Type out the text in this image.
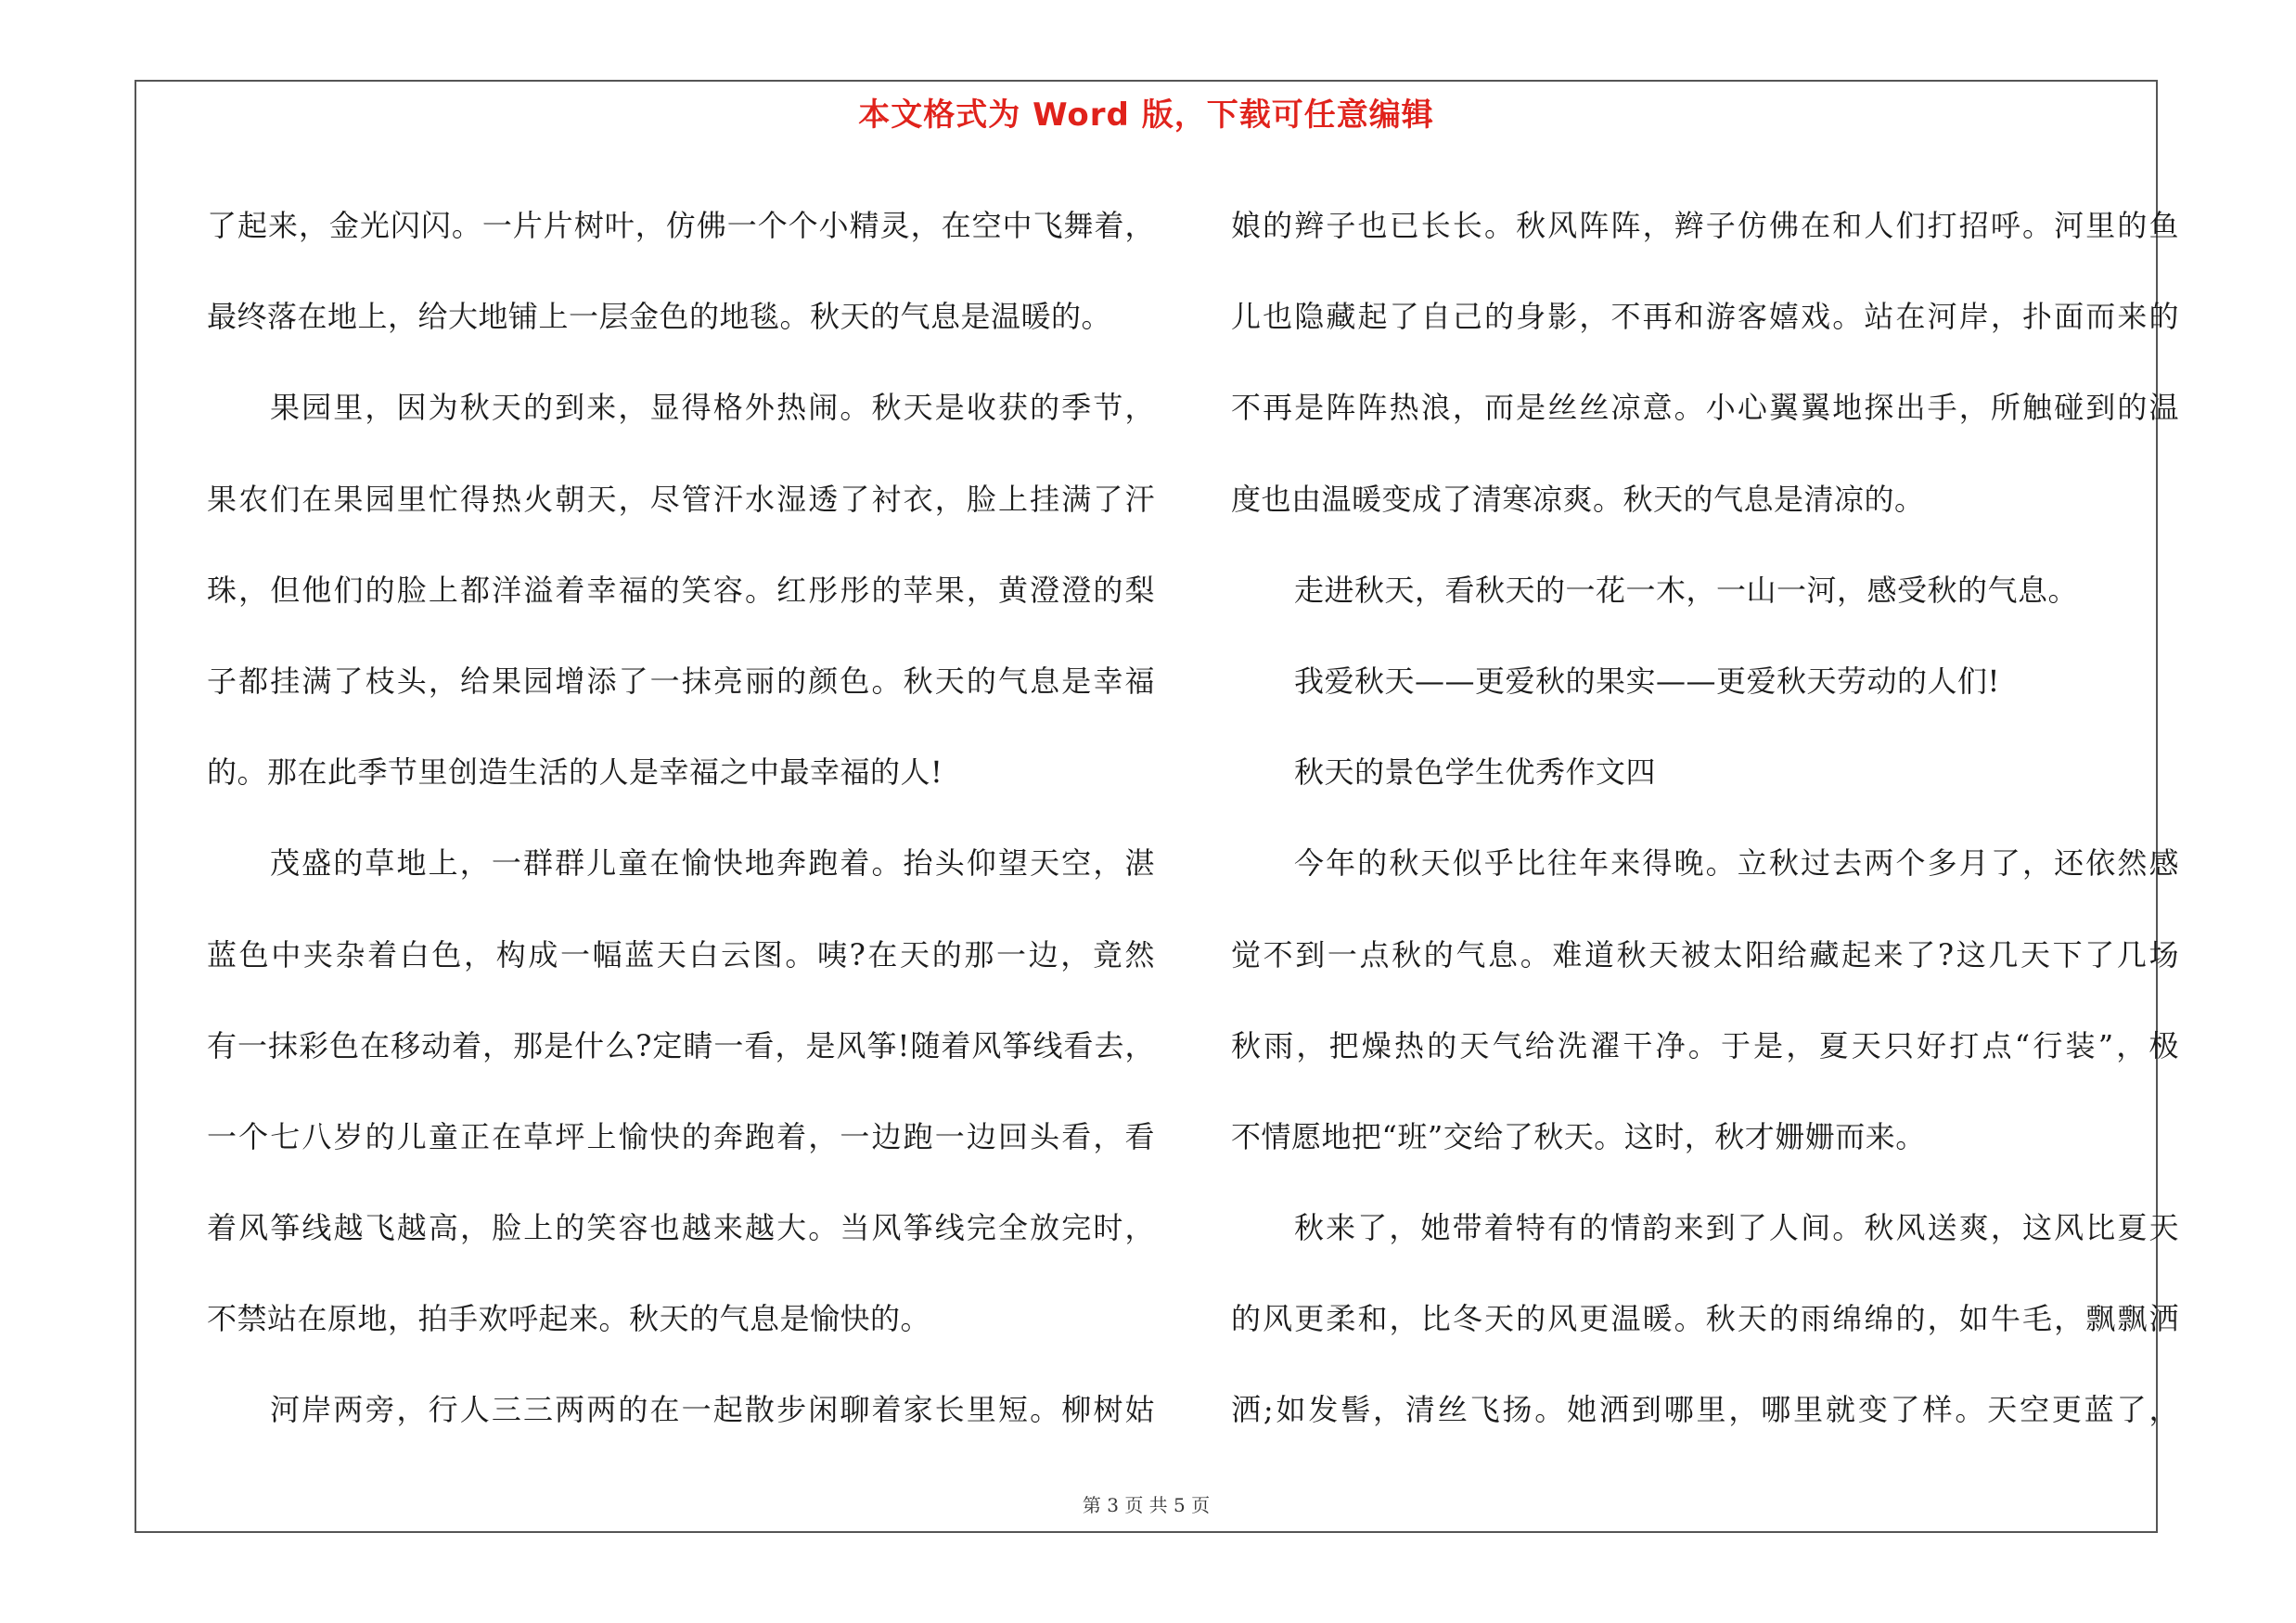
本文格式为 Word 版，下载可任意编辑
了起来，金光闪闪。一片片树叶，仿佛一个个小精灵，在空中飞舞着，
最终落在地上，给大地铺上一层金色的地毯。秋天的气息是温暖的。
果园里，因为秋天的到来，显得格外热闹。秋天是收获的季节，
果农们在果园里忙得热火朝天，尽管汗水湿透了衬衣，脸上挂满了汗
珠，但他们的脸上都洋溢着幸福的笑容。红彤彤的苹果，黄澄澄的梨
子都挂满了枝头，给果园增添了一抹亮丽的颜色。秋天的气息是幸福
的。那在此季节里创造生活的人是幸福之中最幸福的人!
茂盛的草地上，一群群儿童在愉快地奔跑着。抬头仰望天空，湛
蓝色中夹杂着白色，构成一幅蓝天白云图。咦?在天的那一边，竟然
有一抹彩色在移动着，那是什么?定睛一看，是风筝!随着风筝线看去，
一个七八岁的儿童正在草坪上愉快的奔跑着，一边跑一边回头看，看
着风筝线越飞越高，脸上的笑容也越来越大。当风筝线完全放完时，
不禁站在原地，拍手欢呼起来。秋天的气息是愉快的。
河岸两旁，行人三三两两的在一起散步闲聊着家长里短。柳树姑
娘的辫子也已长长。秋风阵阵，辫子仿佛在和人们打招呼。河里的鱼
儿也隐藏起了自己的身影，不再和游客嬉戏。站在河岸，扑面而来的
不再是阵阵热浪，而是丝丝凉意。小心翼翼地探出手，所触碰到的温
度也由温暖变成了清寒凉爽。秋天的气息是清凉的。
走进秋天，看秋天的一花一木，一山一河，感受秋的气息。
我爱秋天——更爱秋的果实——更爱秋天劳动的人们!
秋天的景色学生优秀作文四
今年的秋天似乎比往年来得晚。立秋过去两个多月了，还依然感
觉不到一点秋的气息。难道秋天被太阳给藏起来了?这几天下了几场
秋雨，把燥热的天气给洗濯干净。于是，夏天只好打点“行装”，极
不情愿地把“班”交给了秋天。这时，秋才姗姗而来。
秋来了，她带着特有的情韵来到了人间。秋风送爽，这风比夏天
的风更柔和，比冬天的风更温暖。秋天的雨绵绵的，如牛毛，飘飘洒
洒;如发髻，清丝飞扬。她洒到哪里，哪里就变了样。天空更蓝了，
第 3 页 共 5 页
